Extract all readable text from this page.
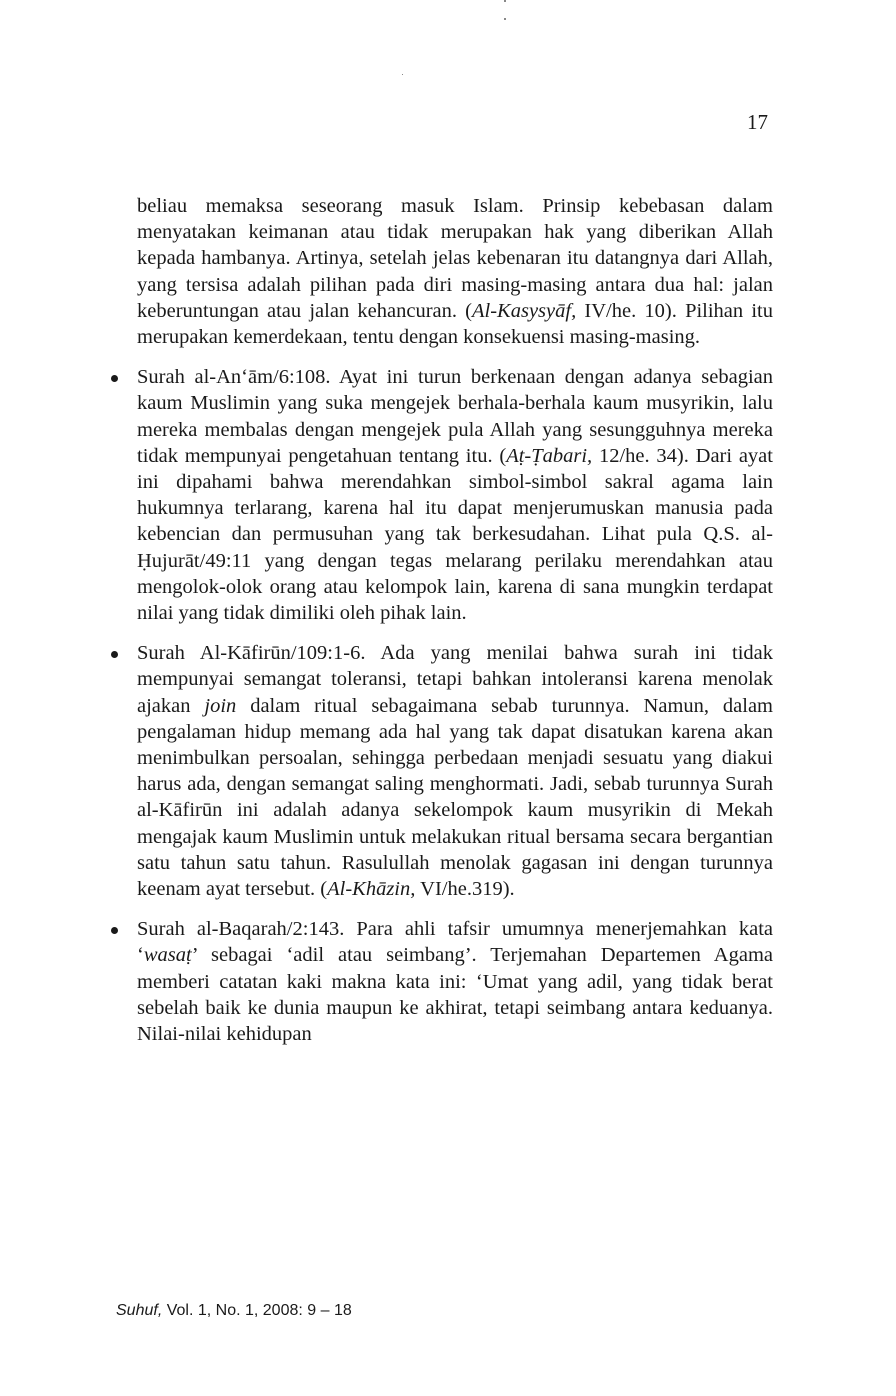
17

beliau memaksa seseorang masuk Islam. Prinsip kebebasan dalam menyatakan keimanan atau tidak merupakan hak yang diberikan Allah kepada hambanya. Artinya, setelah jelas kebenaran itu datangnya dari Allah, yang tersisa adalah pilihan pada diri masing-masing antara dua hal: jalan keberuntungan atau jalan kehancuran. (Al-Kasysyāf, IV/he. 10). Pilihan itu merupakan kemerdekaan, tentu dengan konsekuensi masing-masing.

Surah al-An‘ām/6:108. Ayat ini turun berkenaan dengan adanya sebagian kaum Muslimin yang suka mengejek berhala-berhala kaum musyrikin, lalu mereka membalas dengan mengejek pula Allah yang sesungguhnya mereka tidak mempunyai pengetahuan tentang itu. (Aṭ-Ṭabari, 12/he. 34). Dari ayat ini dipahami bahwa merendahkan simbol-simbol sakral agama lain hukumnya terlarang, karena hal itu dapat menjerumuskan manusia pada kebencian dan permusuhan yang tak berkesudahan. Lihat pula Q.S. al-Ḥujurāt/49:11 yang dengan tegas melarang perilaku merendahkan atau mengolok-olok orang atau kelompok lain, karena di sana mungkin terdapat nilai yang tidak dimiliki oleh pihak lain.

Surah Al-Kāfirūn/109:1-6. Ada yang menilai bahwa surah ini tidak mempunyai semangat toleransi, tetapi bahkan intoleransi karena menolak ajakan join dalam ritual sebagaimana sebab turunnya. Namun, dalam pengalaman hidup memang ada hal yang tak dapat disatukan karena akan menimbulkan persoalan, sehingga perbedaan menjadi sesuatu yang diakui harus ada, dengan semangat saling menghormati. Jadi, sebab turunnya Surah al-Kāfirūn ini adalah adanya sekelompok kaum musyrikin di Mekah mengajak kaum Muslimin untuk melakukan ritual bersama secara bergantian satu tahun satu tahun. Rasulullah menolak gagasan ini dengan turunnya keenam ayat tersebut. (Al-Khāzin, VI/he.319).

Surah al-Baqarah/2:143. Para ahli tafsir umumnya menerjemahkan kata ‘wasaṭ’ sebagai ‘adil atau seimbang’. Terjemahan Departemen Agama memberi catatan kaki makna kata ini: ‘Umat yang adil, yang tidak berat sebelah baik ke dunia maupun ke akhirat, tetapi seimbang antara keduanya. Nilai-nilai kehidupan

Suhuf, Vol. 1, No. 1, 2008: 9 – 18
